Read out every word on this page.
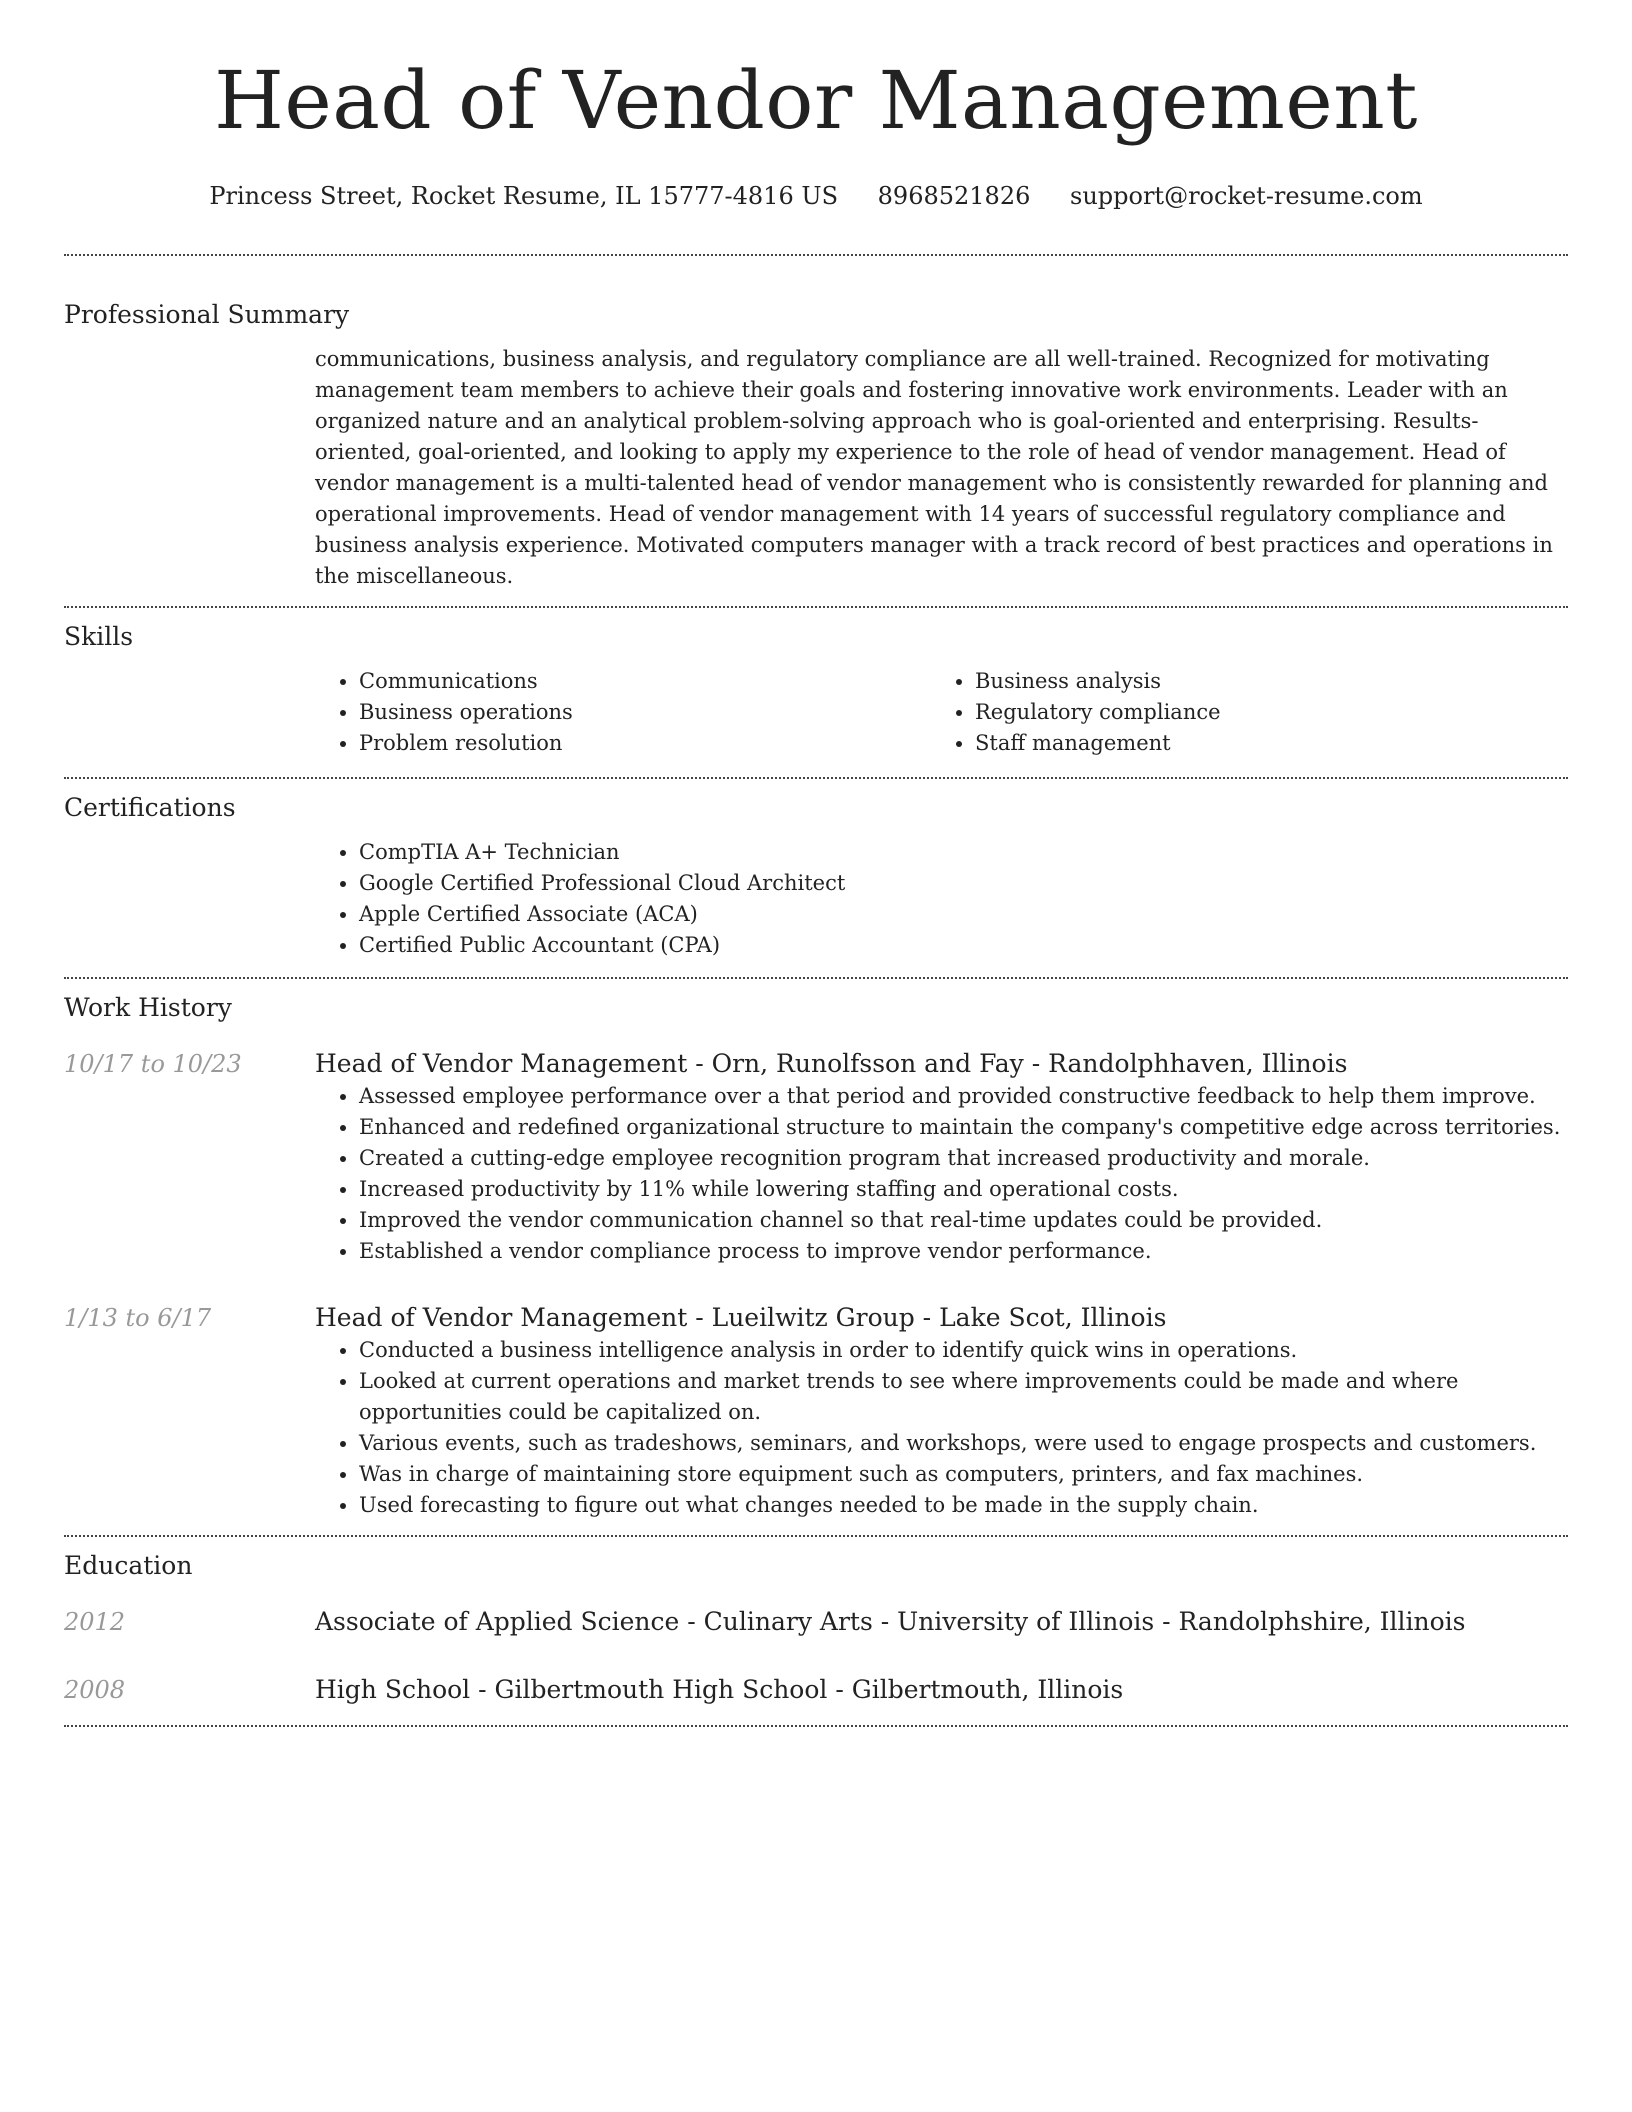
Head of Vendor Management
Princess Street, Rocket Resume, IL 15777-4816 US 8968521826 support@rocket-resume.com
Professional Summary

communications, business analysis, and regulatory compliance are all well-trained. Recognized for motivating management team members to achieve their goals and fostering innovative work environments. Leader with an organized nature and an analytical problem-solving approach who is goal-oriented and enterprising. Results-oriented, goal-oriented, and looking to apply my experience to the role of head of vendor management. Head of vendor management is a multi-talented head of vendor management who is consistently rewarded for planning and operational improvements. Head of vendor management with 14 years of successful regulatory compliance and business analysis experience. Motivated computers manager with a track record of best practices and operations in the miscellaneous.

Skills
• Communications
• Business operations
• Problem resolution
• Business analysis
• Regulatory compliance
• Staff management
Certifications
• CompTIA A+ Technician
• Google Certified Professional Cloud Architect
• Apple Certified Associate (ACA)
• Certified Public Accountant (CPA)
Work History
10/17 to 10/23	Head of Vendor Management - Orn, Runolfsson and Fay - Randolphhaven, Illinois
• Assessed employee performance over a that period and provided constructive feedback to help them improve.
• Enhanced and redefined organizational structure to maintain the company's competitive edge across territories.
• Created a cutting-edge employee recognition program that increased productivity and morale.
• Increased productivity by 11% while lowering staffing and operational costs.
• Improved the vendor communication channel so that real-time updates could be provided.
• Established a vendor compliance process to improve vendor performance.
1/13 to 6/17	Head of Vendor Management - Lueilwitz Group - Lake Scot, Illinois
• Conducted a business intelligence analysis in order to identify quick wins in operations.
• Looked at current operations and market trends to see where improvements could be made and where opportunities could be capitalized on.
• Various events, such as tradeshows, seminars, and workshops, were used to engage prospects and customers.
• Was in charge of maintaining store equipment such as computers, printers, and fax machines.
• Used forecasting to figure out what changes needed to be made in the supply chain.
Education
2012	Associate of Applied Science - Culinary Arts - University of Illinois - Randolphshire, Illinois
2008	High School - Gilbertmouth High School - Gilbertmouth, Illinois
